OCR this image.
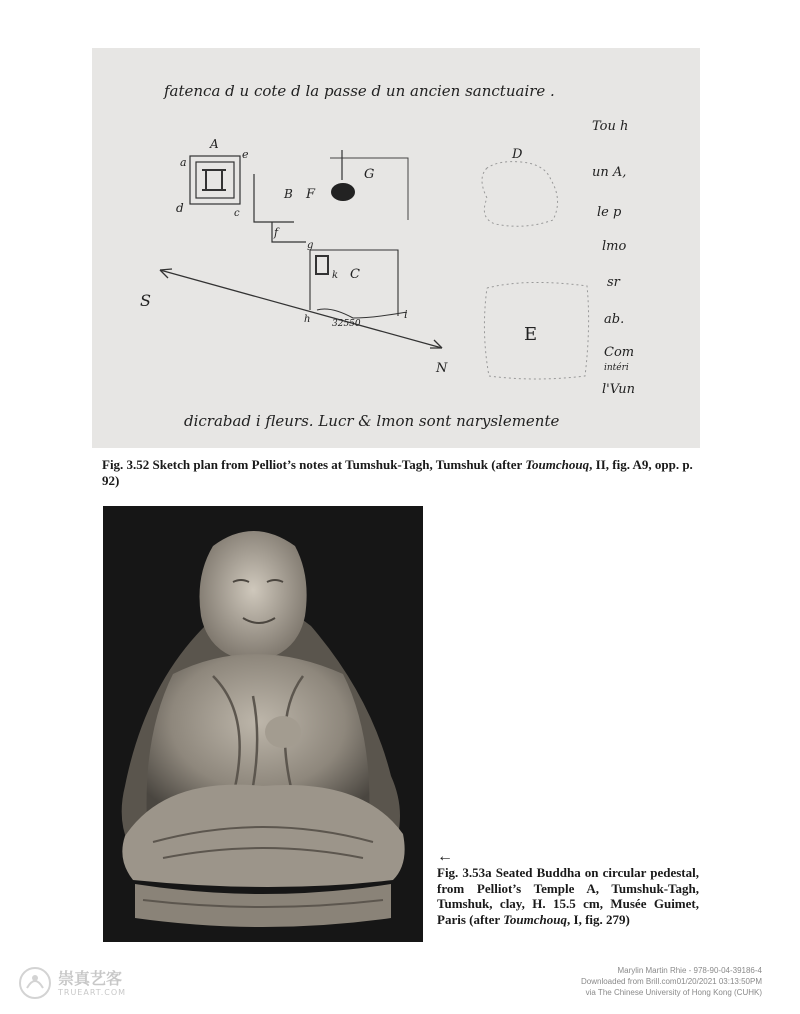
fatenca d u cote d la passe d un ancien sanctuaire .
dicrabad i fleurs. Lucr & lmon sont naryslemente
Tou h
un A,
le p
lmo
sr
ab.
Com
intéri
l'Vun
A
a
e
d	c
B F
G
f
D
g
k C
S
h	i
32550	E
N
Fig. 3.52 Sketch plan from Pelliot’s notes at Tumshuk-Tagh, Tumshuk (after Toumchouq, II, fig. A9, opp. p. 92)
←
Fig. 3.53a Seated Buddha on circular pedestal, from Pelliot’s Temple A, Tumshuk-Tagh, Tumshuk, clay, H. 15.5 cm, Musée Guimet, Paris (after Toumchouq, I, fig. 279)
崇真艺客
TRUEART.COM
Marylin Martin Rhie - 978-90-04-39186-4
Downloaded from Brill.com01/20/2021 03:13:50PM
via The Chinese University of Hong Kong (CUHK)
